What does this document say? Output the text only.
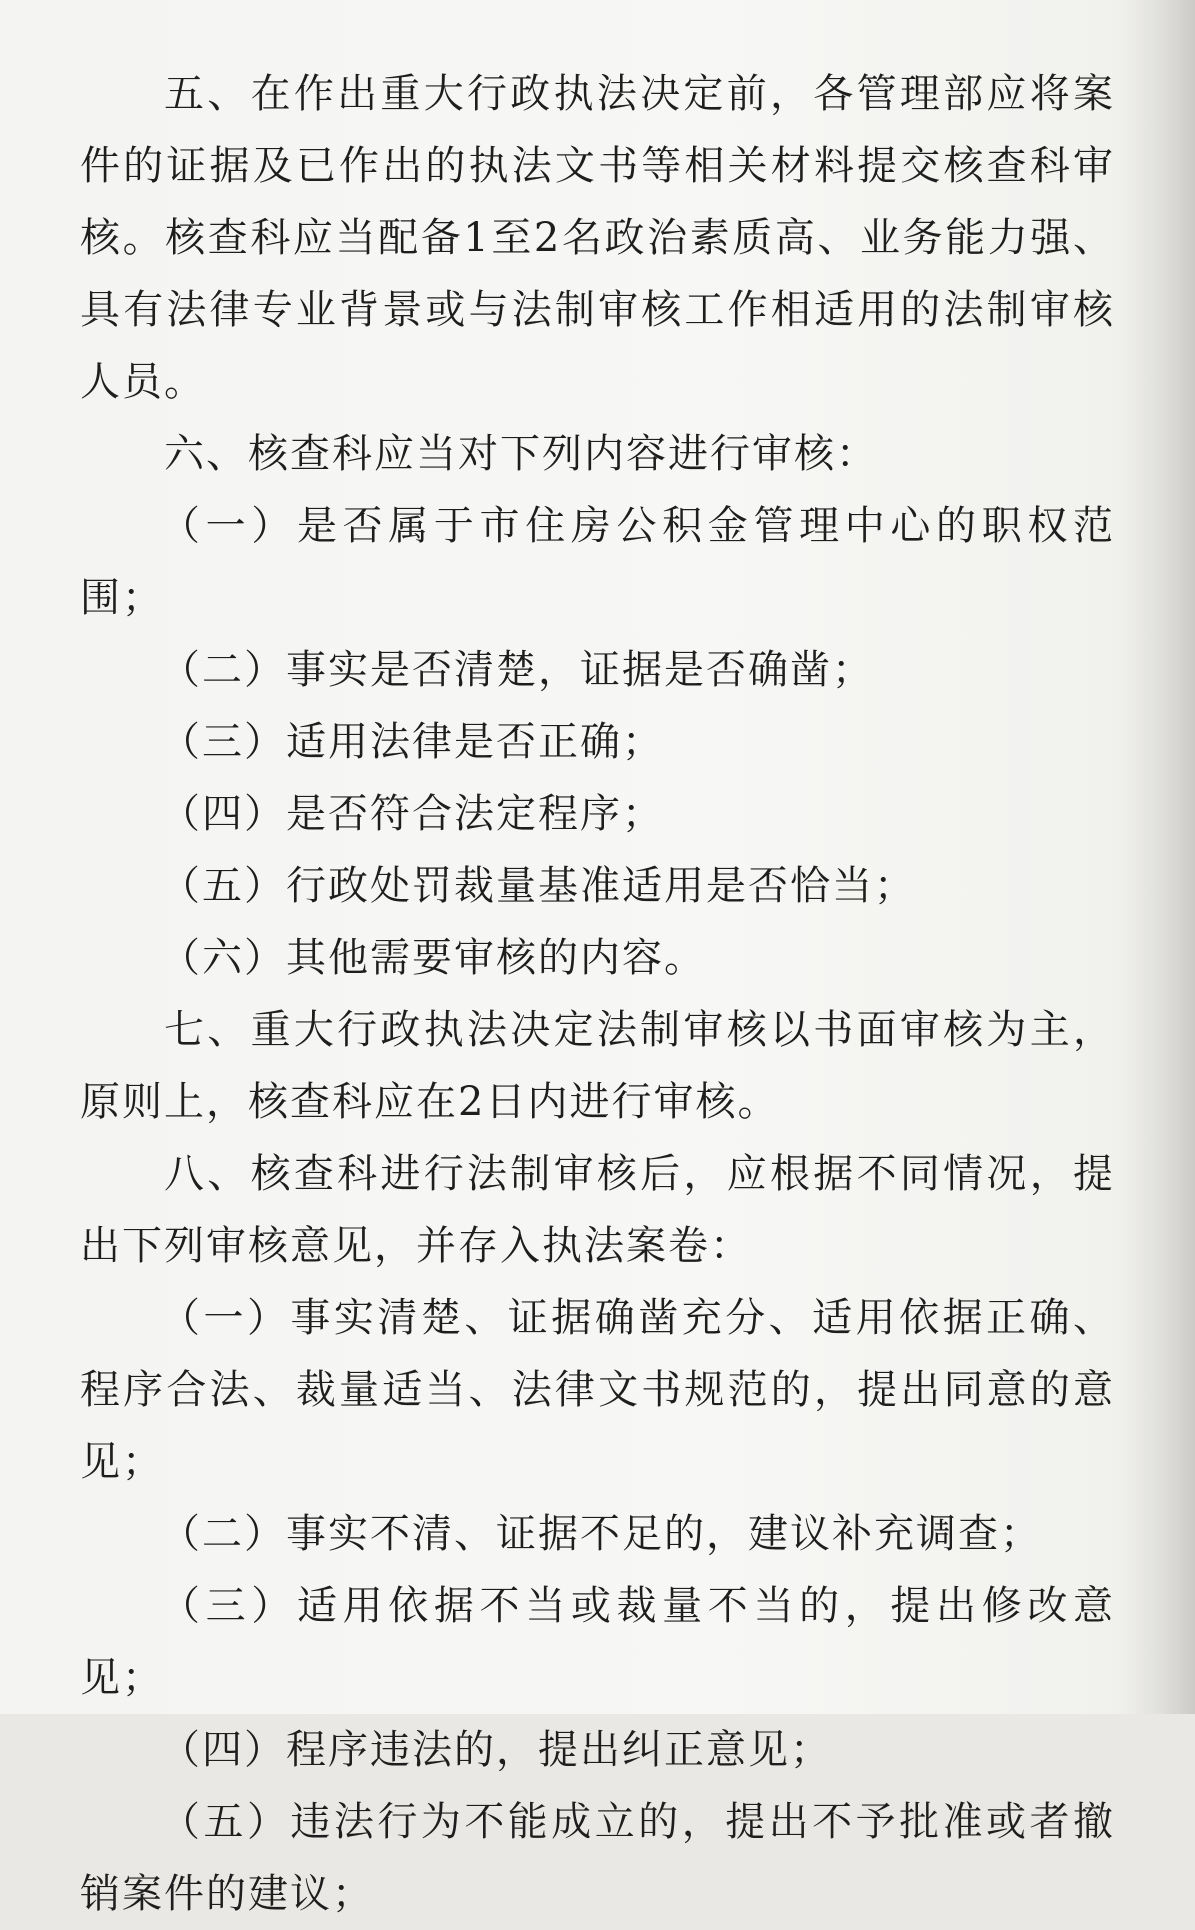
五、在作出重大行政执法决定前，各管理部应将案件的证据及已作出的执法文书等相关材料提交核查科审核。核查科应当配备1至2名政治素质高、业务能力强、具有法律专业背景或与法制审核工作相适用的法制审核人员。

六、核查科应当对下列内容进行审核：

（一）是否属于市住房公积金管理中心的职权范围；

（二）事实是否清楚，证据是否确凿；

（三）适用法律是否正确；

（四）是否符合法定程序；

（五）行政处罚裁量基准适用是否恰当；

（六）其他需要审核的内容。

七、重大行政执法决定法制审核以书面审核为主，原则上，核查科应在2日内进行审核。

八、核查科进行法制审核后，应根据不同情况，提出下列审核意见，并存入执法案卷：

（一）事实清楚、证据确凿充分、适用依据正确、程序合法、裁量适当、法律文书规范的，提出同意的意见；

（二）事实不清、证据不足的，建议补充调查；

（三）适用依据不当或裁量不当的，提出修改意见；

（四）程序违法的，提出纠正意见；

（五）违法行为不能成立的，提出不予批准或者撤销案件的建议；
